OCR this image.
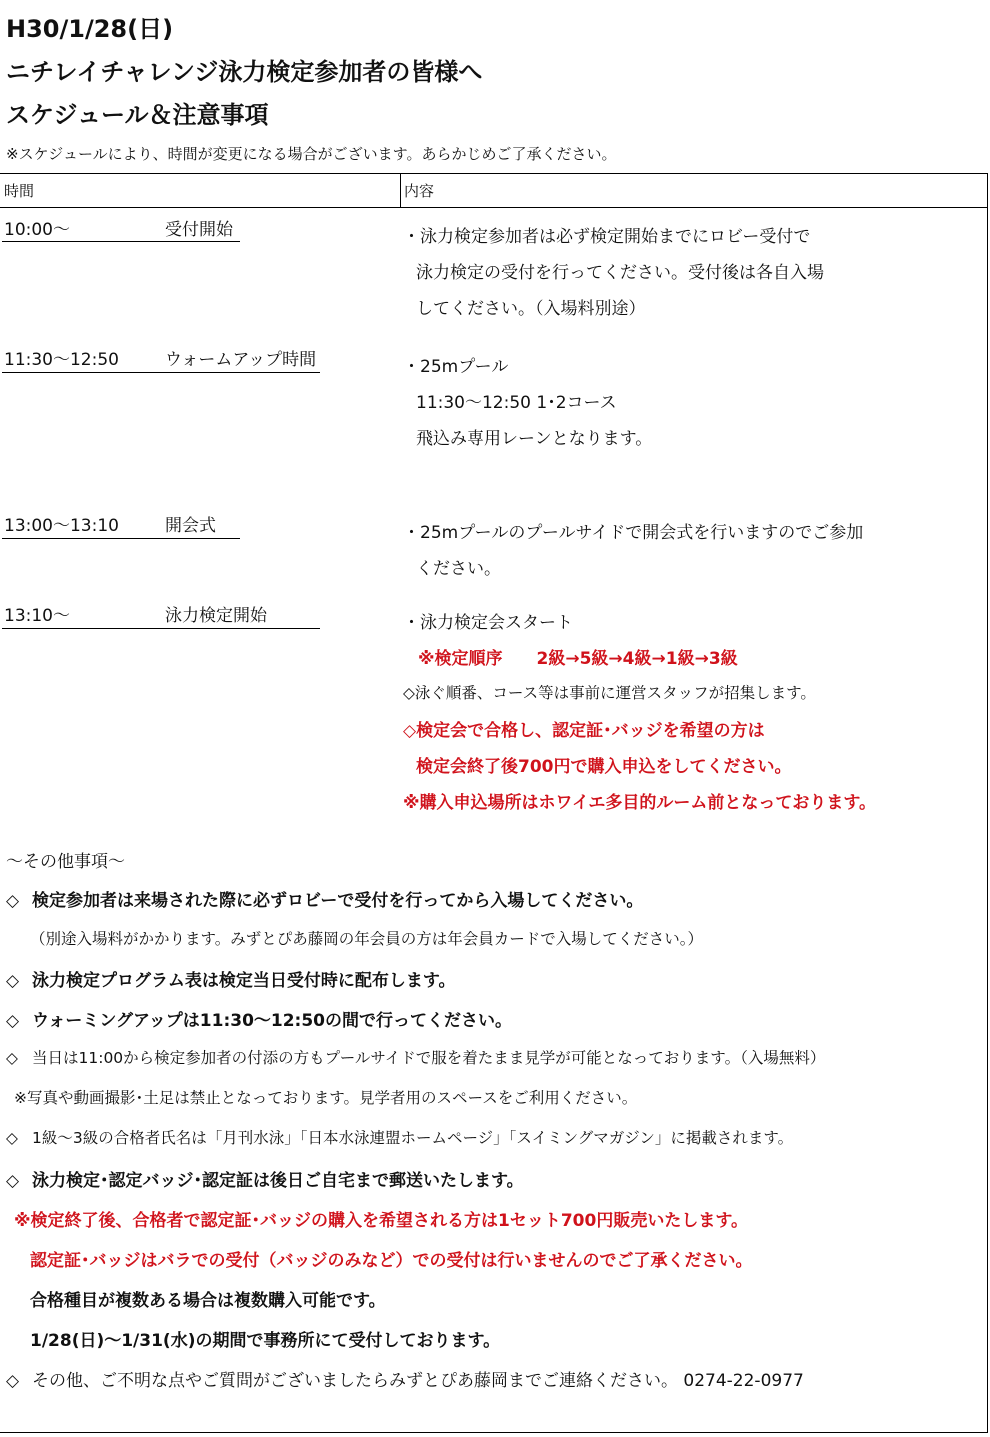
H30/1/28(日)
ニチレイチャレンジ泳力検定参加者の皆様へ
スケジュール＆注意事項
※スケジュールにより、時間が変更になる場合がございます。あらかじめご了承ください。
時間	内容
10:00〜	受付開始	・泳力検定参加者は必ず検定開始までにロビー受付で
泳力検定の受付を行ってください。受付後は各自入場
してください。（入場料別途）
11:30〜12:50	ウォームアップ時間	・25mプール
11:30〜12:50 1･2コース
飛込み専用レーンとなります。
13:00〜13:10	開会式	・25mプールのプールサイドで開会式を行いますのでご参加
ください。
13:10〜	泳力検定開始	・泳力検定会スタート
※検定順序　　2級→5級→4級→1級→3級
◇泳ぐ順番、コース等は事前に運営スタッフが招集します。
◇検定会で合格し、認定証･バッジを希望の方は
検定会終了後700円で購入申込をしてください。
※購入申込場所はホワイエ多目的ルーム前となっております。
〜その他事項〜
◇ 検定参加者は来場された際に必ずロビーで受付を行ってから入場してください。
（別途入場料がかかります。みずとぴあ藤岡の年会員の方は年会員カードで入場してください。）
◇ 泳力検定プログラム表は検定当日受付時に配布します。
◇ ウォーミングアップは11:30〜12:50の間で行ってください。
◇ 当日は11:00から検定参加者の付添の方もプールサイドで服を着たまま見学が可能となっております。（入場無料）
※写真や動画撮影･土足は禁止となっております。見学者用のスペースをご利用ください。
◇ 1級〜3級の合格者氏名は「月刊水泳」「日本水泳連盟ホームページ」「スイミングマガジン」に掲載されます。
◇ 泳力検定･認定バッジ･認定証は後日ご自宅まで郵送いたします。
※検定終了後、合格者で認定証･バッジの購入を希望される方は1セット700円販売いたします。
認定証･バッジはバラでの受付（バッジのみなど）での受付は行いませんのでご了承ください。
合格種目が複数ある場合は複数購入可能です。
1/28(日)〜1/31(水)の期間で事務所にて受付しております。
◇ その他、ご不明な点やご質問がございましたらみずとぴあ藤岡までご連絡ください。 0274-22-0977
